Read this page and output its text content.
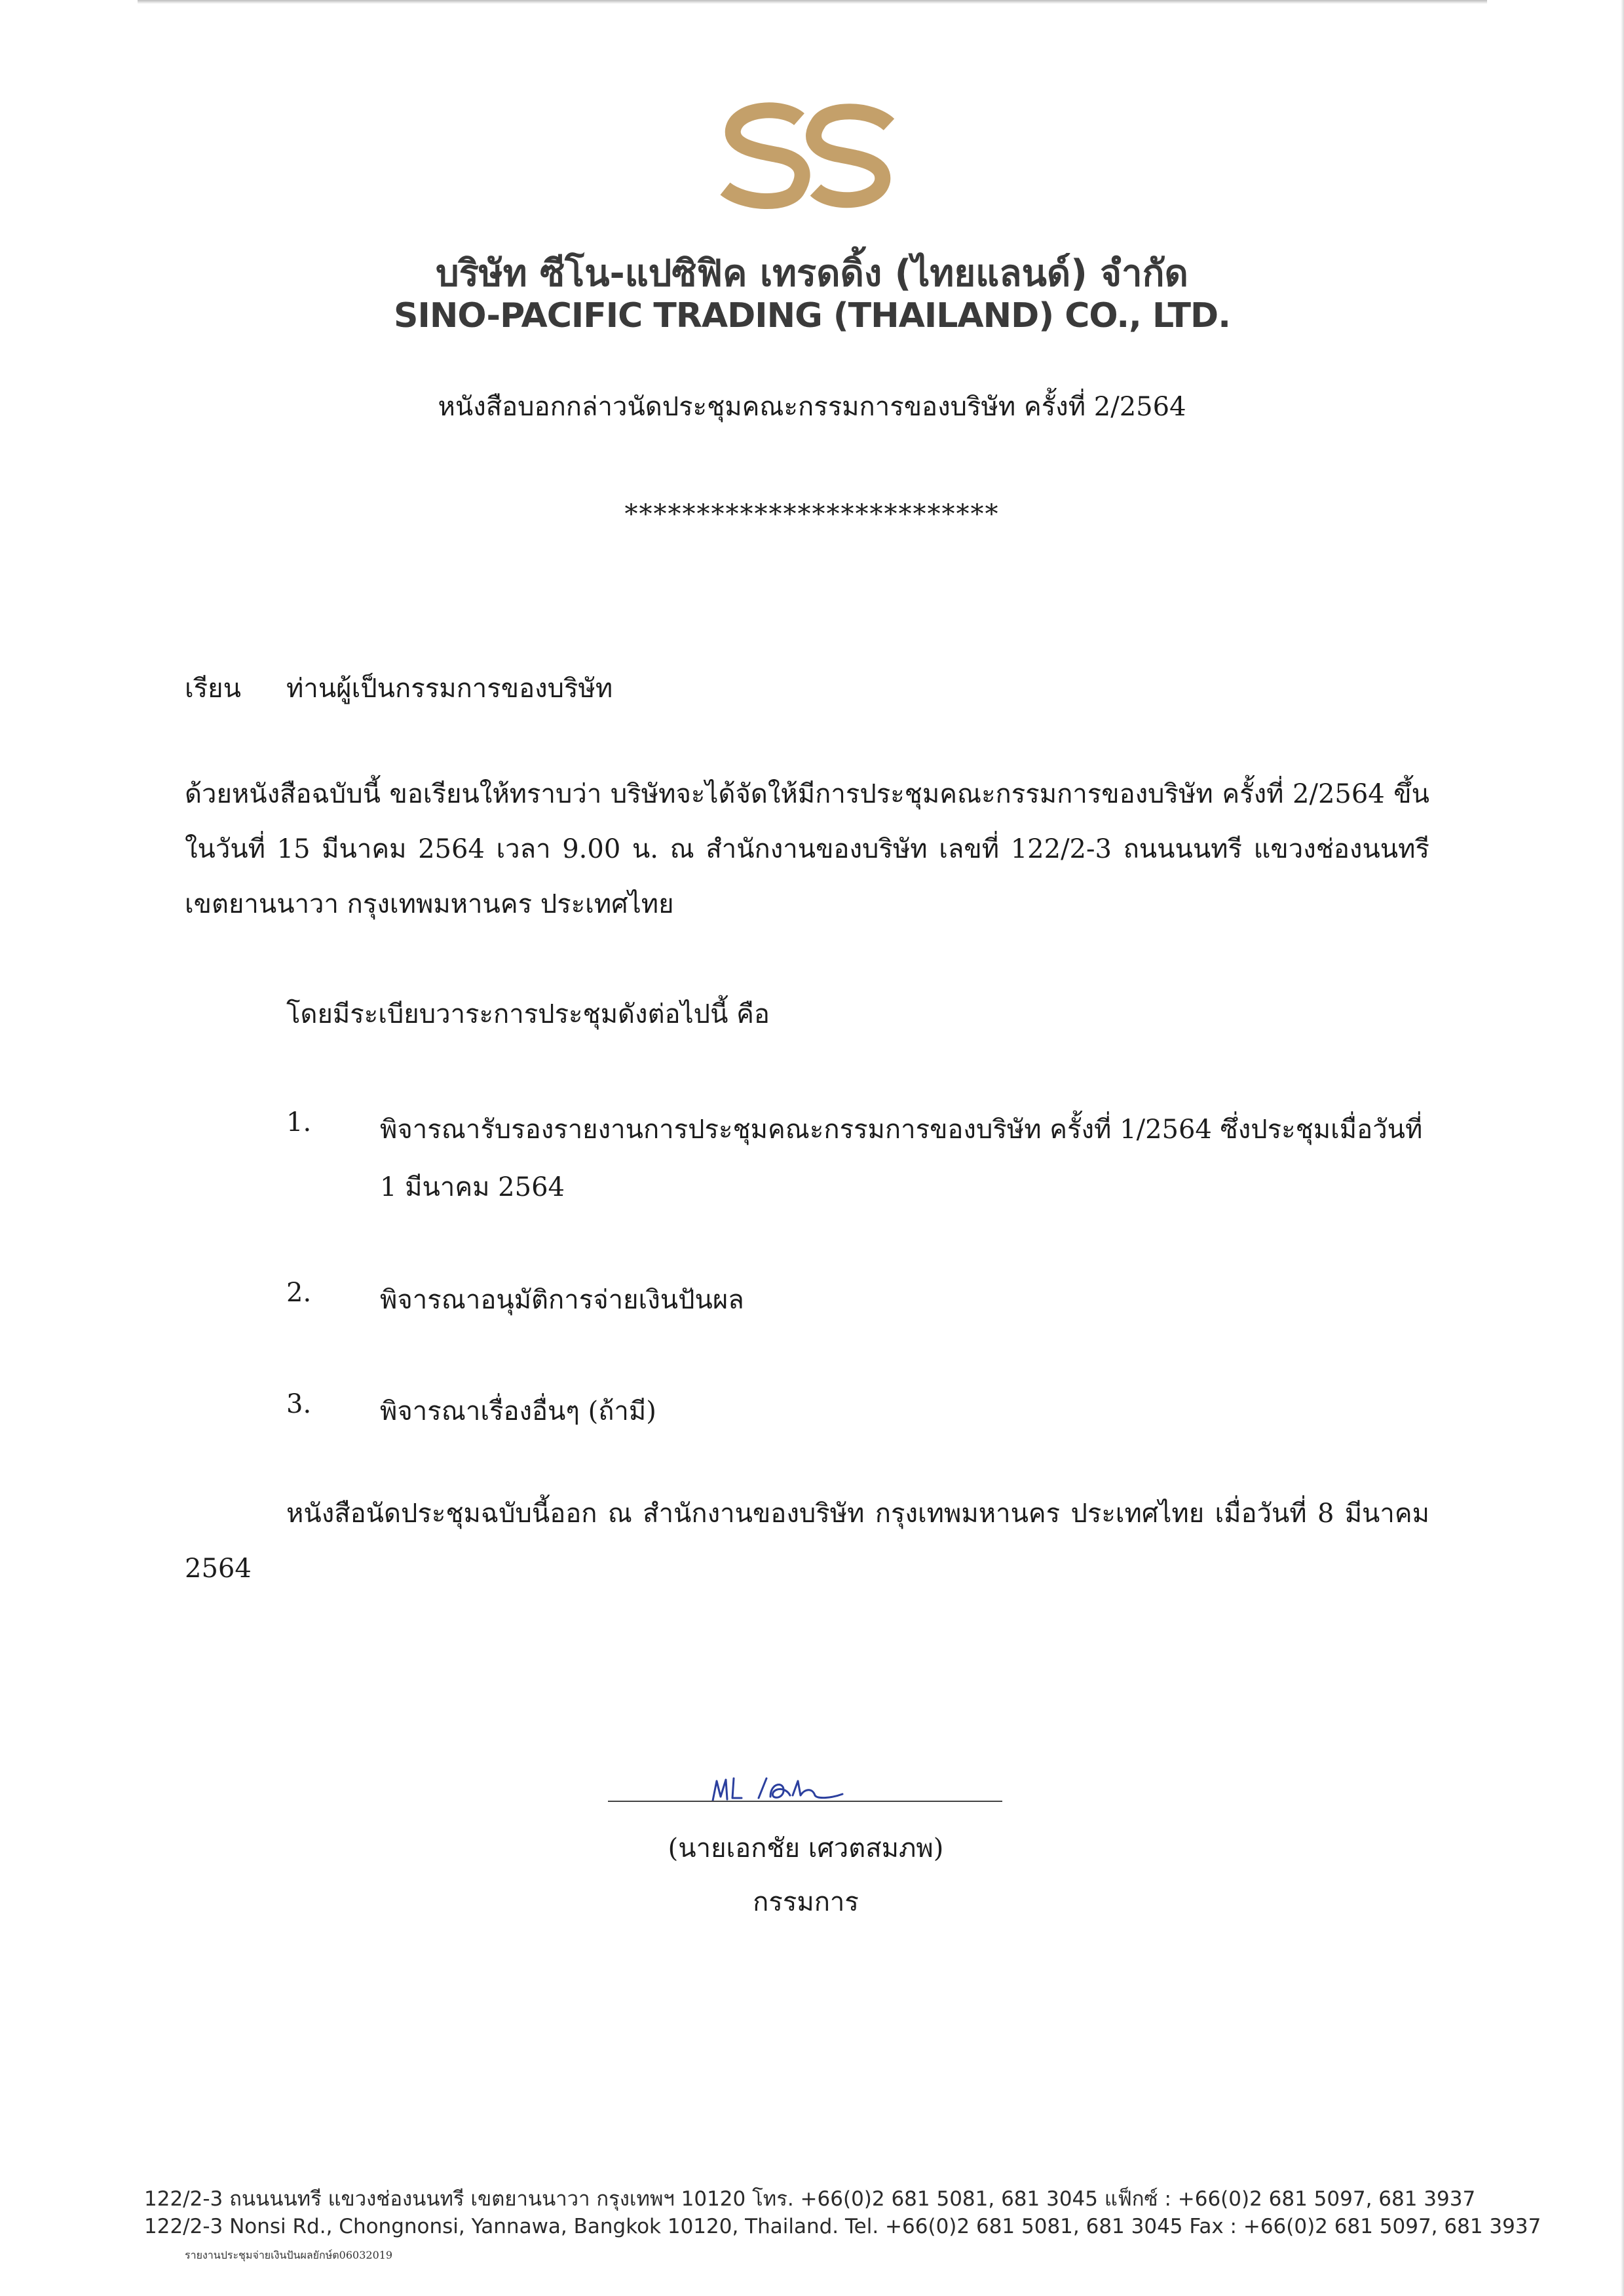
บริษัท ซีโน-แปซิฟิค เทรดดิ้ง (ไทยแลนด์) จำกัด
SINO-PACIFIC TRADING (THAILAND) CO., LTD.
หนังสือบอกกล่าวนัดประชุมคณะกรรมการของบริษัท ครั้งที่ 2/2564
**************************
เรียน ท่านผู้เป็นกรรมการของบริษัท
ด้วยหนังสือฉบับนี้ ขอเรียนให้ทราบว่า บริษัทจะได้จัดให้มีการประชุมคณะกรรมการของบริษัท ครั้งที่ 2/2564 ขึ้นในวันที่ 15 มีนาคม 2564 เวลา 9.00 น. ณ สำนักงานของบริษัท เลขที่ 122/2-3 ถนนนนทรี แขวงช่องนนทรี เขตยานนาวา กรุงเทพมหานคร ประเทศไทย
โดยมีระเบียบวาระการประชุมดังต่อไปนี้ คือ
1.	พิจารณารับรองรายงานการประชุมคณะกรรมการของบริษัท ครั้งที่ 1/2564 ซึ่งประชุมเมื่อวันที่ 1 มีนาคม 2564
2.	พิจารณาอนุมัติการจ่ายเงินปันผล
3.	พิจารณาเรื่องอื่นๆ (ถ้ามี)
หนังสือนัดประชุมฉบับนี้ออก ณ สำนักงานของบริษัท กรุงเทพมหานคร ประเทศไทย เมื่อวันที่ 8 มีนาคม 2564
(นายเอกชัย เศวตสมภพ)
กรรมการ
122/2-3 ถนนนนทรี แขวงช่องนนทรี เขตยานนาวา กรุงเทพฯ 10120 โทร. +66(0)2 681 5081, 681 3045 แฟ็กซ์ : +66(0)2 681 5097, 681 3937
122/2-3 Nonsi Rd., Chongnonsi, Yannawa, Bangkok 10120, Thailand. Tel. +66(0)2 681 5081, 681 3045 Fax : +66(0)2 681 5097, 681 3937
รายงานประชุมจ่ายเงินปันผลยักษ์ต06032019
